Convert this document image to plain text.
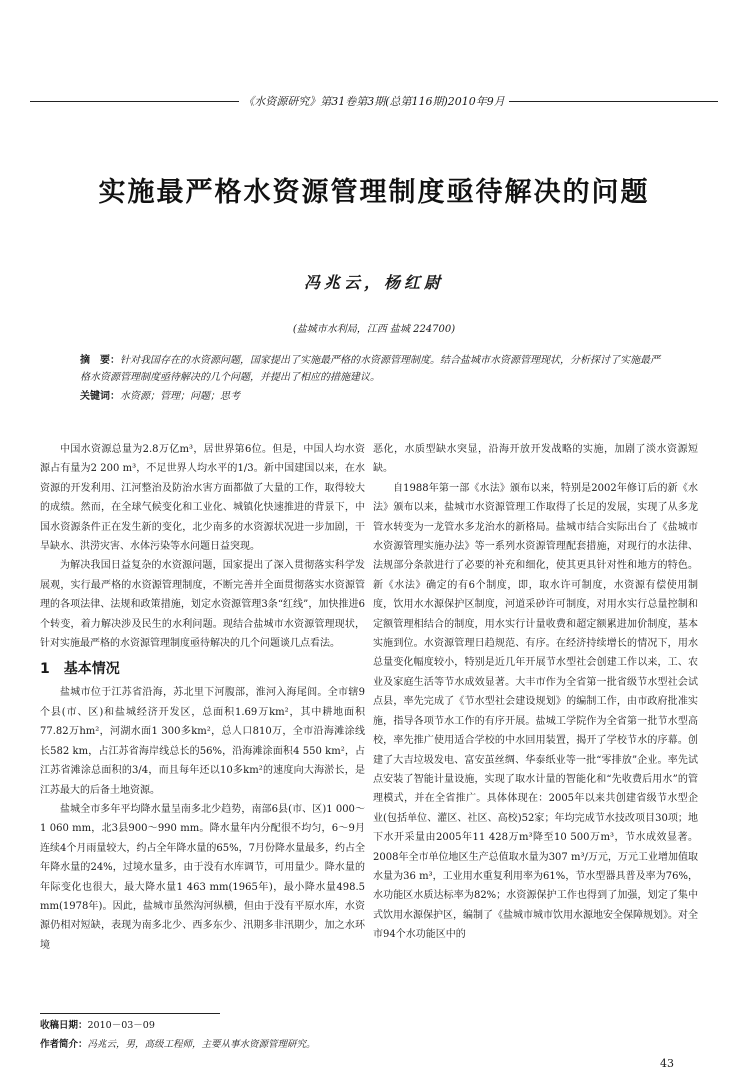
《水资源研究》第31卷第3期(总第116期)2010年9月
实施最严格水资源管理制度亟待解决的问题
冯兆云，杨红尉
(盐城市水利局，江西 盐城 224700)
摘　要：针对我国存在的水资源问题，国家提出了实施最严格的水资源管理制度。结合盐城市水资源管理现状，分析探讨了实施最严格水资源管理制度亟待解决的几个问题，并提出了相应的措施建议。
关键词：水资源；管理；问题；思考

中国水资源总量为2.8万亿m³，居世界第6位。但是，中国人均水资源占有量为2 200 m³，不足世界人均水平的1/3。新中国建国以来，在水资源的开发利用、江河整治及防治水害方面都做了大量的工作，取得较大的成绩。然而，在全球气候变化和工业化、城镇化快速推进的背景下，中国水资源条件正在发生新的变化，北少南多的水资源状况进一步加剧，干旱缺水、洪涝灾害、水体污染等水问题日益突现。

为解决我国日益复杂的水资源问题，国家提出了深入贯彻落实科学发展观，实行最严格的水资源管理制度，不断完善并全面贯彻落实水资源管理的各项法律、法规和政策措施，划定水资源管理3条“红线”，加快推进6个转变，着力解决涉及民生的水利问题。现结合盐城市水资源管理现状，针对实施最严格的水资源管理制度亟待解决的几个问题谈几点看法。

1 基本情况

盐城市位于江苏省沿海，苏北里下河腹部，淮河入海尾闾。全市辖9个县(市、区)和盐城经济开发区，总面积1.69万km²，其中耕地面积77.82万hm²，河湖水面1 300多km²，总人口810万，全市沿海滩涂线长582 km，占江苏省海岸线总长的56%，沿海滩涂面积4 550 km²，占江苏省滩涂总面积的3/4，而且每年还以10多km²的速度向大海淤长，是江苏最大的后备土地资源。

盐城全市多年平均降水量呈南多北少趋势，南部6县(市、区)1 000～1 060 mm，北3县900～990 mm。降水量年内分配很不均匀，6～9月连续4个月雨量较大，约占全年降水量的65%，7月份降水量最多，约占全年降水量的24%，过境水量多，由于没有水库调节，可用量少。降水量的年际变化也很大，最大降水量1 463 mm(1965年)，最小降水量498.5 mm(1978年)。因此，盐城市虽然沟河纵横，但由于没有平原水库，水资源仍相对短缺，表现为南多北少、西多东少、汛期多非汛期少，加之水环境

恶化，水质型缺水突显，沿海开放开发战略的实施，加剧了淡水资源短缺。

自1988年第一部《水法》颁布以来，特别是2002年修订后的新《水法》颁布以来，盐城市水资源管理工作取得了长足的发展，实现了从多龙管水转变为一龙管水多龙治水的新格局。盐城市结合实际出台了《盐城市水资源管理实施办法》等一系列水资源管理配套措施，对现行的水法律、法规部分条款进行了必要的补充和细化，使其更具针对性和地方的特色。新《水法》确定的有6个制度，即，取水许可制度，水资源有偿使用制度，饮用水水源保护区制度，河道采砂许可制度，对用水实行总量控制和定额管理相结合的制度，用水实行计量收费和超定额累进加价制度，基本实施到位。水资源管理日趋规范、有序。在经济持续增长的情况下，用水总量变化幅度较小，特别是近几年开展节水型社会创建工作以来，工、农业及家庭生活等节水成效显著。大丰市作为全省第一批省级节水型社会试点县，率先完成了《节水型社会建设规划》的编制工作，由市政府批准实施，指导各项节水工作的有序开展。盐城工学院作为全省第一批节水型高校，率先推广使用适合学校的中水回用装置，揭开了学校节水的序幕。创建了大吉垃圾发电、富安茧丝绸、华泰纸业等一批“零排放”企业。率先试点安装了智能计量设施，实现了取水计量的智能化和“先收费后用水”的管理模式，并在全省推广。具体体现在：2005年以来共创建省级节水型企业(包括单位、灌区、社区、高校)52家；年均完成节水技改项目30项；地下水开采量由2005年11 428万m³降至10 500万m³，节水成效显著。2008年全市单位地区生产总值取水量为307 m³/万元，万元工业增加值取水量为36 m³，工业用水重复利用率为61%，节水型器具普及率为76%，水功能区水质达标率为82%；水资源保护工作也得到了加强，划定了集中式饮用水源保护区，编制了《盐城市城市饮用水源地安全保障规划》。对全市94个水功能区中的

收稿日期：2010－03－09
作者简介：冯兆云，男，高级工程师，主要从事水资源管理研究。
43
